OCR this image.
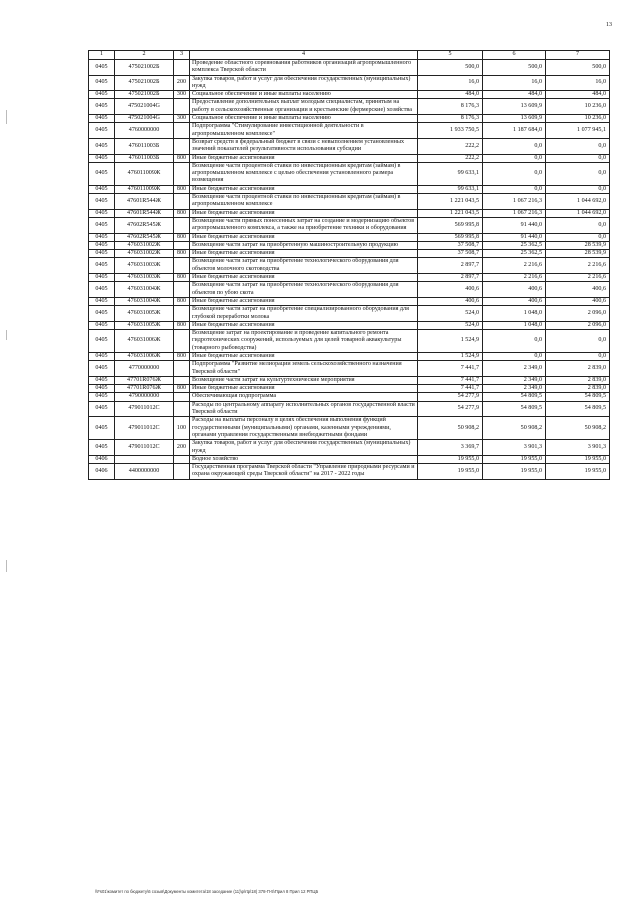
13
1	2	3	4	5	6	7
0405	475021002Б		Проведение областного соревнования работников организаций агропромышленного комплекса Тверской области	500,0	500,0	500,0
0405	475021002Б	200	Закупка товаров, работ и услуг для обеспечения государственных (муниципальных) нужд	16,0	16,0	16,0
0405	475021002Б	300	Социальное обеспечение и иные выплаты населению	484,0	484,0	484,0
0405	475021004G		Предоставление дополнительных выплат молодым специалистам, принятым на работу в сельскохозяйственные организации и крестьянские (фермерские) хозяйства	8 176,3	13 609,9	10 236,0
0405	475021004G	300	Социальное обеспечение и иные выплаты населению	8 176,3	13 609,9	10 236,0
0405	4760000000		Подпрограмма "Стимулирование инвестиционной деятельности в агропромышленном комплексе"	1 933 750,5	1 187 684,0	1 077 945,1
0405	476011003Б		Возврат средств в федеральный бюджет в связи с невыполнением установленных значений показателей результативности использования субсидии	222,2	0,0	0,0
0405	476011003Б	800	Иные бюджетные ассигнования	222,2	0,0	0,0
0405	476011009Ж		Возмещение части процентной ставки по инвестиционным кредитам (займам) в агропромышленном комплексе с целью обеспечения установленного размера возмещения	99 633,1	0,0	0,0
0405	476011009Ж	800	Иные бюджетные ассигнования	99 633,1	0,0	0,0
0405	47601R544Ж		Возмещение части процентной ставки по инвестиционным кредитам (займам) в агропромышленном комплексе	1 221 043,5	1 067 216,3	1 044 692,0
0405	47601R544Ж	800	Иные бюджетные ассигнования	1 221 043,5	1 067 216,3	1 044 692,0
0405	47602R545Ж		Возмещение части прямых понесенных затрат на создание и модернизацию объектов агропромышленного комплекса, а также на приобретение техники и оборудования	569 995,8	91 440,0	0,0
0405	47602R545Ж	800	Иные бюджетные ассигнования	569 995,8	91 440,0	0,0
0405	476031002Ж		Возмещение части затрат на приобретенную машиностроительную продукцию	37 508,7	25 362,5	28 539,9
0405	476031002Ж	800	Иные бюджетные ассигнования	37 508,7	25 362,5	28 539,9
0405	476031003Ж		Возмещение части затрат на приобретение технологического оборудования для объектов молочного скотоводства	2 897,7	2 216,6	2 216,6
0405	476031003Ж	800	Иные бюджетные ассигнования	2 897,7	2 216,6	2 216,6
0405	476031004Ж		Возмещение части затрат на приобретение технологического оборудования для объектов по убою скота	400,6	400,6	400,6
0405	476031004Ж	800	Иные бюджетные ассигнования	400,6	400,6	400,6
0405	476031005Ж		Возмещение части затрат на приобретение специализированного оборудования для глубокой переработки молока	524,0	1 048,0	2 096,0
0405	476031005Ж	800	Иные бюджетные ассигнования	524,0	1 048,0	2 096,0
0405	476031006Ж		Возмещение затрат на проектирование и проведение капитального ремонта гидротехнических сооружений, используемых для целей товарной аквакультуры (товарного рыбоводства)	1 524,9	0,0	0,0
0405	476031006Ж	800	Иные бюджетные ассигнования	1 524,9	0,0	0,0
0405	4770000000		Подпрограмма "Развитие мелиорации земель сельскохозяйственного назначения Тверской области"	7 441,7	2 349,0	2 839,0
0405	47701R076Ж		Возмещение части затрат на культуртехнические мероприятия	7 441,7	2 349,0	2 839,0
0405	47701R076Ж	800	Иные бюджетные ассигнования	7 441,7	2 349,0	2 839,0
0405	4790000000		Обеспечивающая подпрограмма	54 277,9	54 809,5	54 809,5
0405	479011012С		Расходы по центральному аппарату исполнительных органов государственной власти Тверской области	54 277,9	54 809,5	54 809,5
0405	479011012С	100	Расходы на выплаты персоналу в целях обеспечения выполнения функций государственными (муниципальными) органами, казенными учреждениями, органами управления государственными внебюджетными фондами	50 908,2	50 908,2	50 908,2
0405	479011012С	200	Закупка товаров, работ и услуг для обеспечения государственных (муниципальных) нужд	3 369,7	3 901,3	3 901,3
0406			Водное хозяйство	19 955,0	19 955,0	19 955,0
0406	4400000000		Государственная программа Тверской области "Управление природными ресурсами и охрана окружающей среды Тверской области" на 2017 - 2022 годы	19 955,0	19 955,0	19 955,0
\\Fs01\комитет по бюджету\6 созыв\Документы комитета\18 заседание (11)\p\rtp\18) 378-П-5\Прил 8 Прил 12 РПЦБ
